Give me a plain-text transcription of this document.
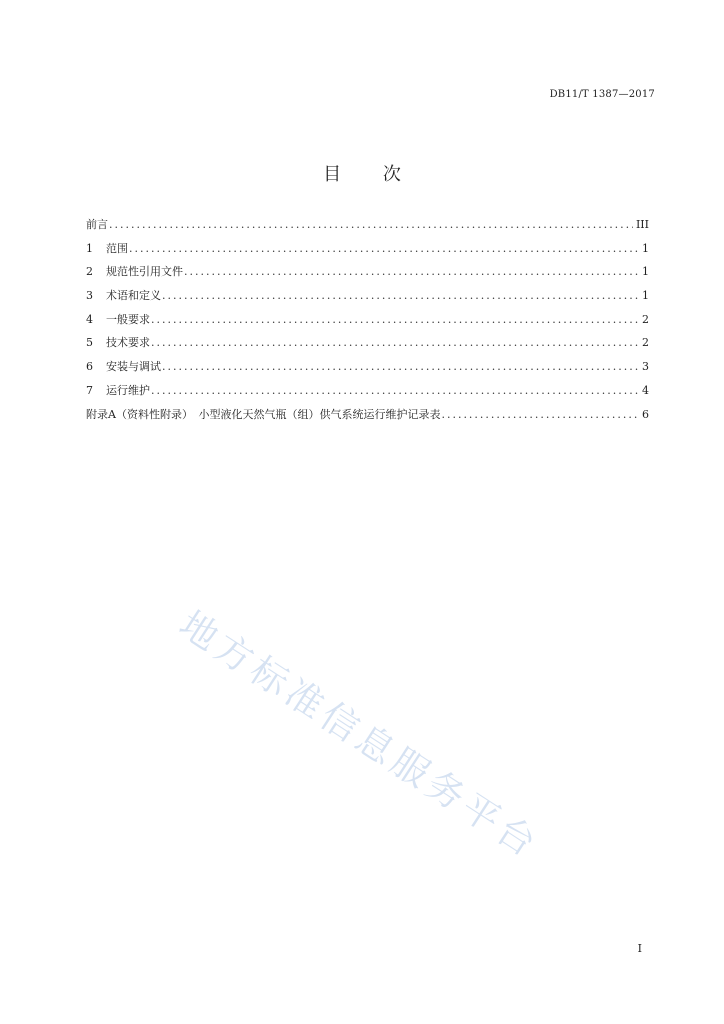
DB11/T 1387—2017
目 次
前言 .....	III
1	范围 .....	1
2	规范性引用文件 .....	1
3	术语和定义 .....	1
4	一般要求 .....	2
5	技术要求 .....	2
6	安装与调试 .....	3
7	运行维护 .....	4
附录A（资料性附录）　小型液化天然气瓶（组）供气系统运行维护记录表 .....	6
地方标准信息服务平台
I
